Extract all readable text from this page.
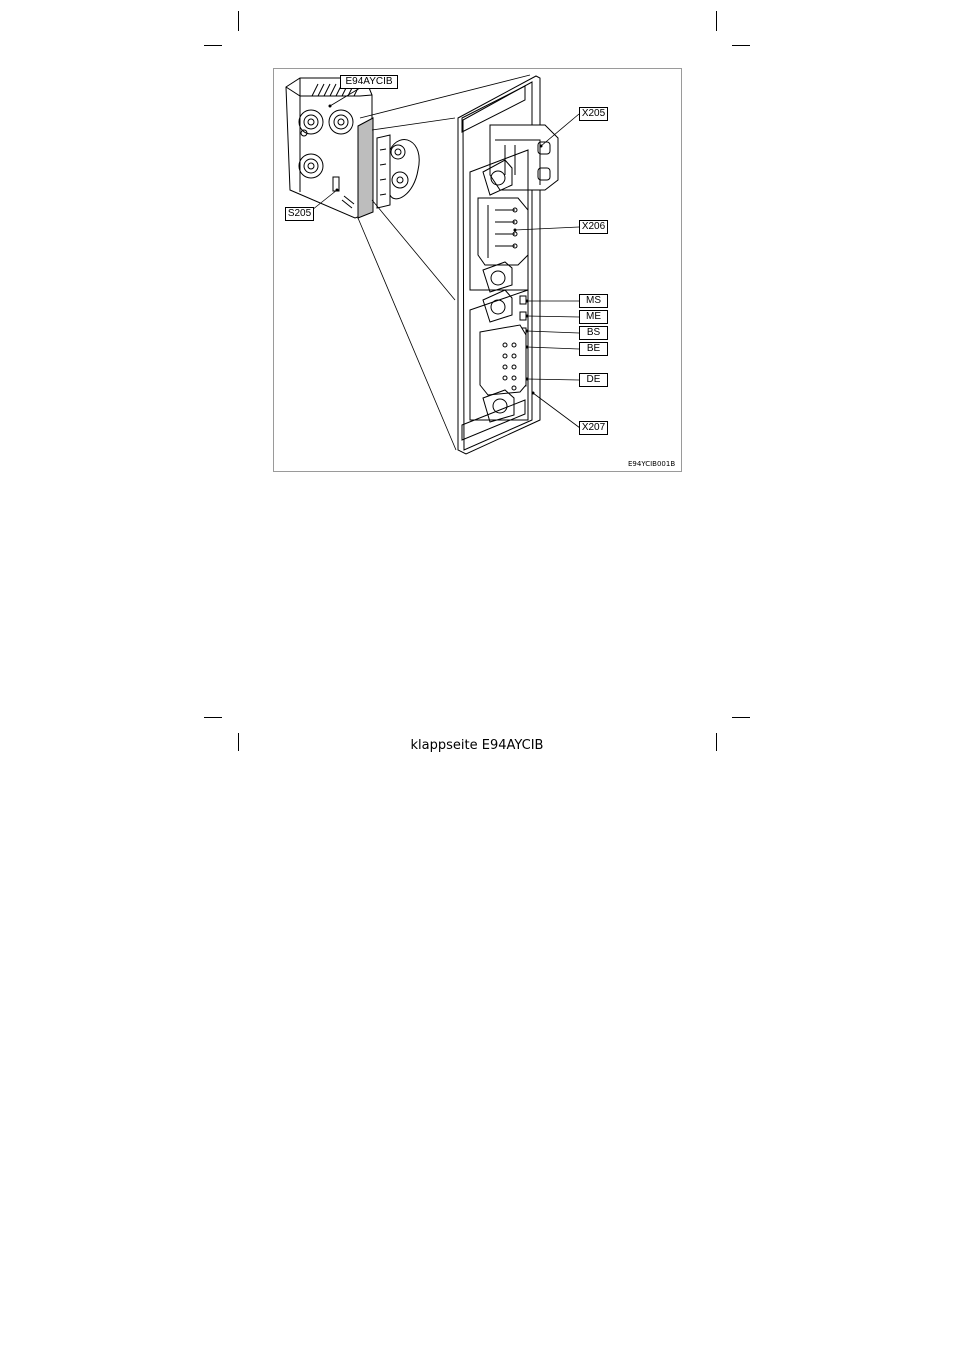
E94AYCIB
S205
X205
X206
MS
ME
BS
BE
DE
X207
E94YCIB001B
klappseite E94AYCIB
